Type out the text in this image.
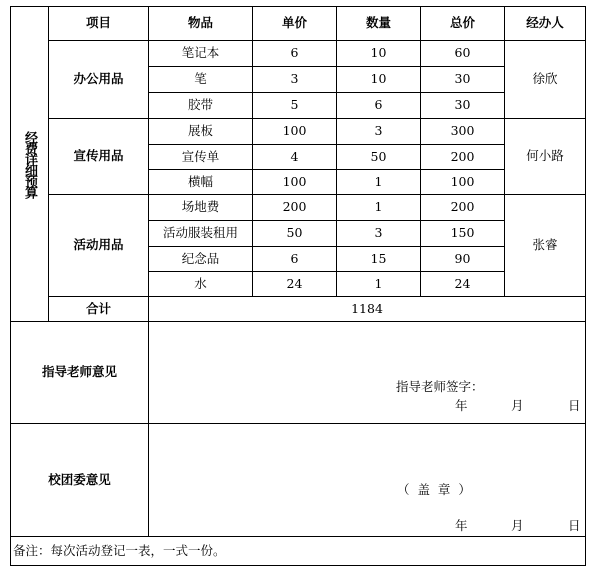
经费详细预算
项目	物品	单价	数量	总价	经办人
办公用品	徐欣
笔记本	6	10	60
笔	3	10	30
胶带	5	6	30
宣传用品	何小路
展板	100	3	300
宣传单	4	50	200
横幅	100	1	100
活动用品	张睿
场地费	200	1	200
活动服装租用	50	3	150
纪念品	6	15	90
水	24	1	24
合计	1184
指导老师意见
指导老师签字：
年	月	日
校团委意见
（  盖  章  ）
年	月	日
备注：每次活动登记一表，一式一份。
